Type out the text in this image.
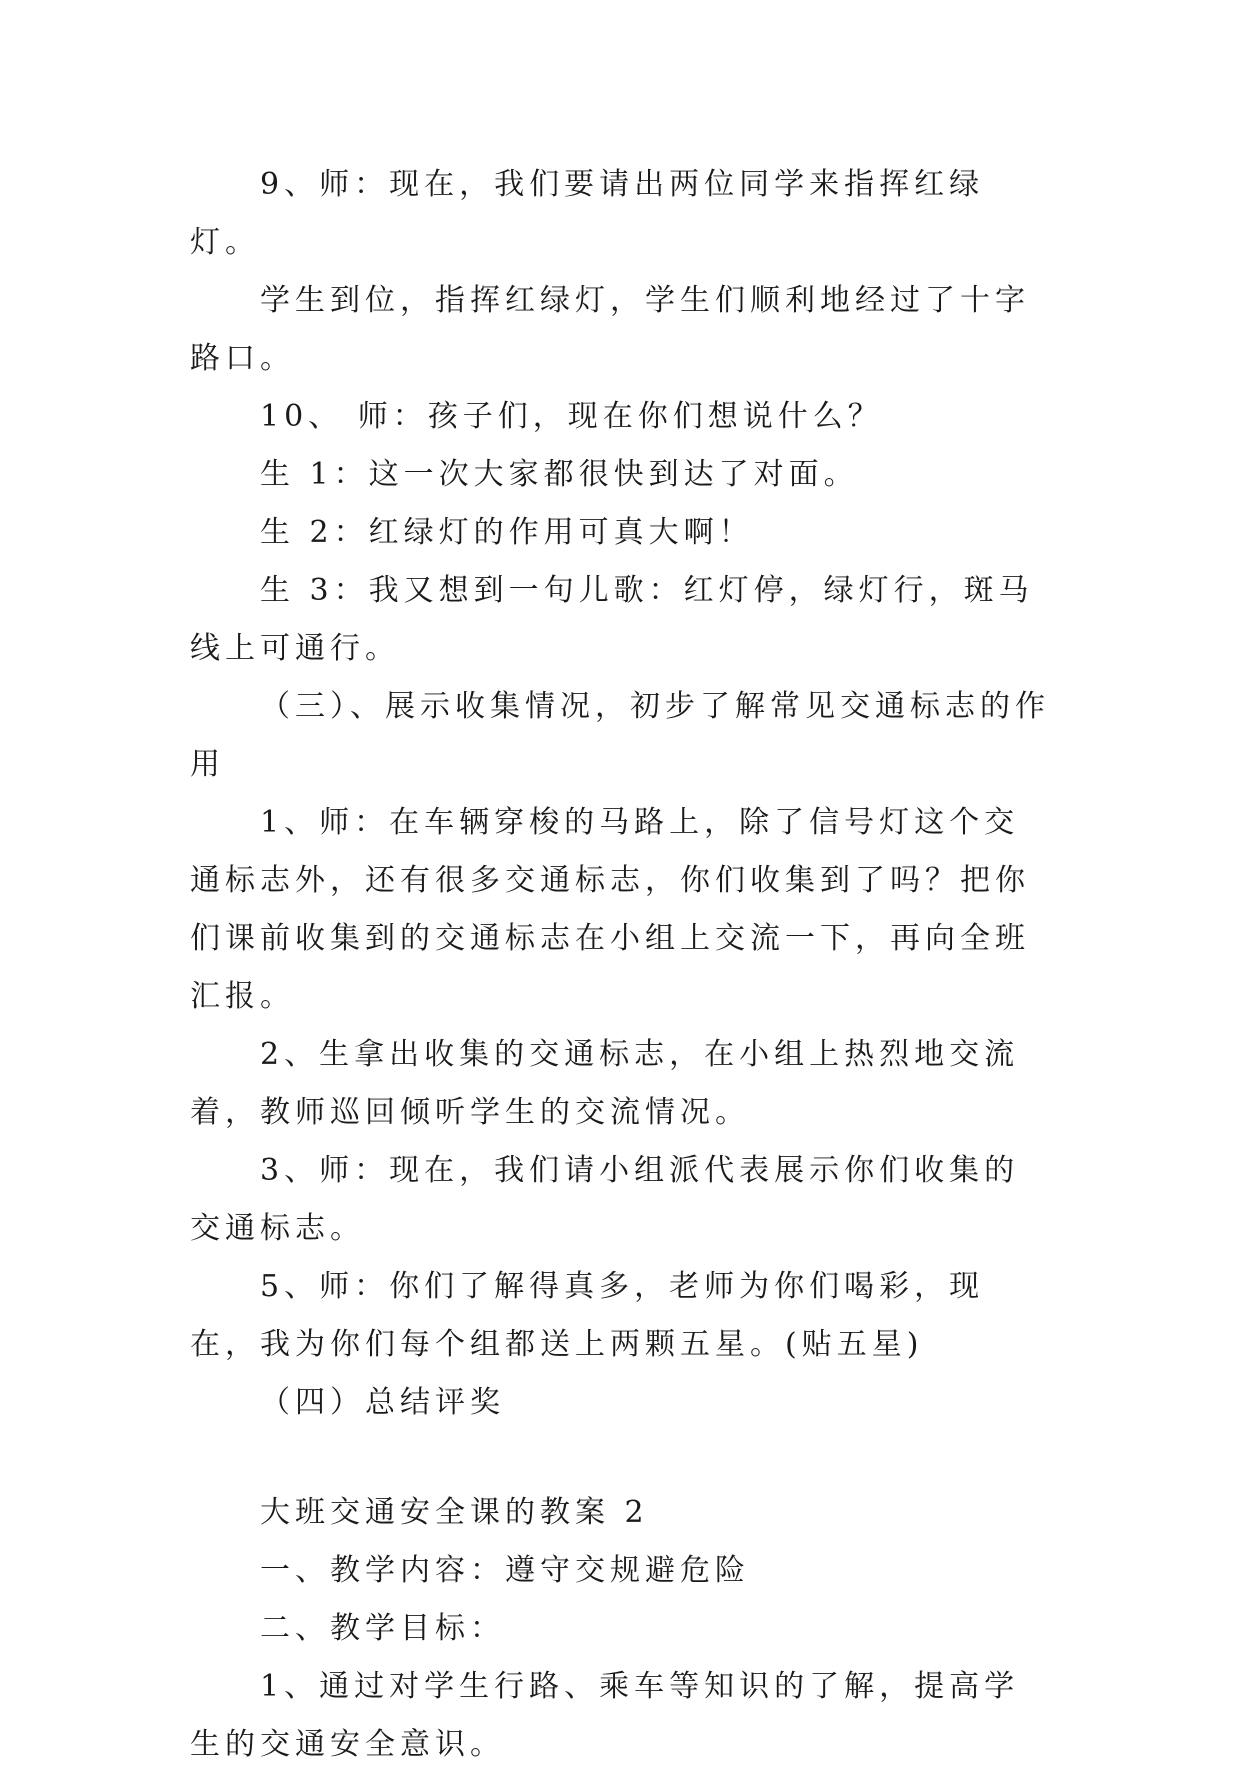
9、师：现在，我们要请出两位同学来指挥红绿灯。

学生到位，指挥红绿灯，学生们顺利地经过了十字路口。

10、 师：孩子们，现在你们想说什么？

生 1：这一次大家都很快到达了对面。

生 2：红绿灯的作用可真大啊！

生 3：我又想到一句儿歌：红灯停，绿灯行，斑马线上可通行。

（三）、展示收集情况，初步了解常见交通标志的作用

1、师：在车辆穿梭的马路上，除了信号灯这个交通标志外，还有很多交通标志，你们收集到了吗？把你们课前收集到的交通标志在小组上交流一下，再向全班汇报。

2、生拿出收集的交通标志，在小组上热烈地交流着，教师巡回倾听学生的交流情况。

3、师：现在，我们请小组派代表展示你们收集的交通标志。

5、师：你们了解得真多，老师为你们喝彩，现在，我为你们每个组都送上两颗五星。(贴五星)

（四）总结评奖

大班交通安全课的教案 2

一、教学内容：遵守交规避危险

二、教学目标：

1、通过对学生行路、乘车等知识的了解，提高学生的交通安全意识。
